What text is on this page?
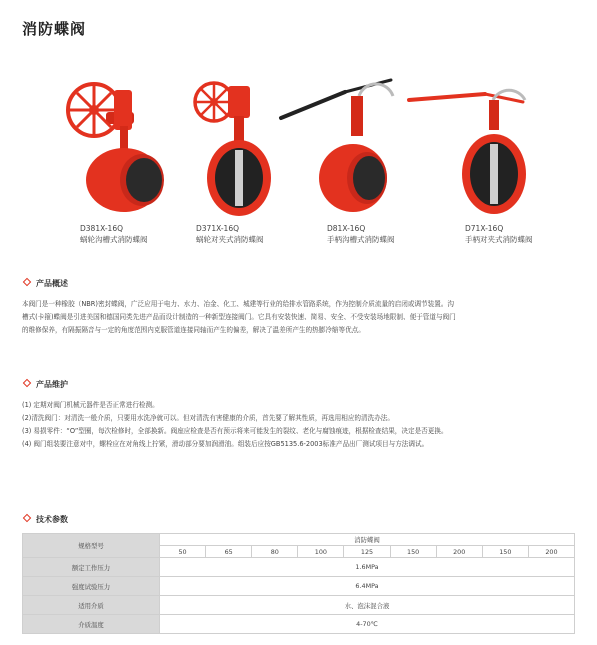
消防蝶阀
D381X-16Q
蜗轮沟槽式消防蝶阀
D371X-16Q
蜗轮对夹式消防蝶阀
D81X-16Q
手柄沟槽式消防蝶阀
D71X-16Q
手柄对夹式消防蝶阀
产品概述

本阀门是一种橡胶（NBR)密封蝶阀，广泛应用于电力、水力、冶金、化工、城建等行业的给排水管路系统，作为控制介质流量的启闭或调节装置。沟

槽式(卡箍)蝶阀是引进美国和德国同类先进产品而设计制造的一种新型连接阀门。它具有安装快速、简易、安全、不受安装场地限制、便于管道与阀门

的维修保养，有隔振隔音与一定的角度范围内克服管道连接同轴而产生的偏差，解决了温差所产生的热膨冷缩等优点。

产品维护

(1) 定期对阀门机械元器件是否正常进行检测。

(2)清洗阀门：对清洗一般介质，只要用水洗净就可以。但对清洗有害健康的介质，首先要了解其性质，再选用相应的清洗办法。

(3) 易损零件：“O”型圈，每次检修时，全部换新。阀座应检查是否有预示将来可能发生的裂纹、老化与腐蚀痕迹，根据检查结果，决定是否更换。

(4) 阀门组装要注意对中，螺栓应在对角线上拧紧，滑动部分要加润滑油。组装后应按GB5135.6-2003标准产品出厂测试项目与方法调试。

技术参数
规格型号	消防蝶阀								
	50	65	80	100	125	150	200	150	200
额定工作压力	1.6MPa								
强度试验压力	6.4MPa								
适用介质	水、泡沫混合液								
介质温度	4-70℃								
